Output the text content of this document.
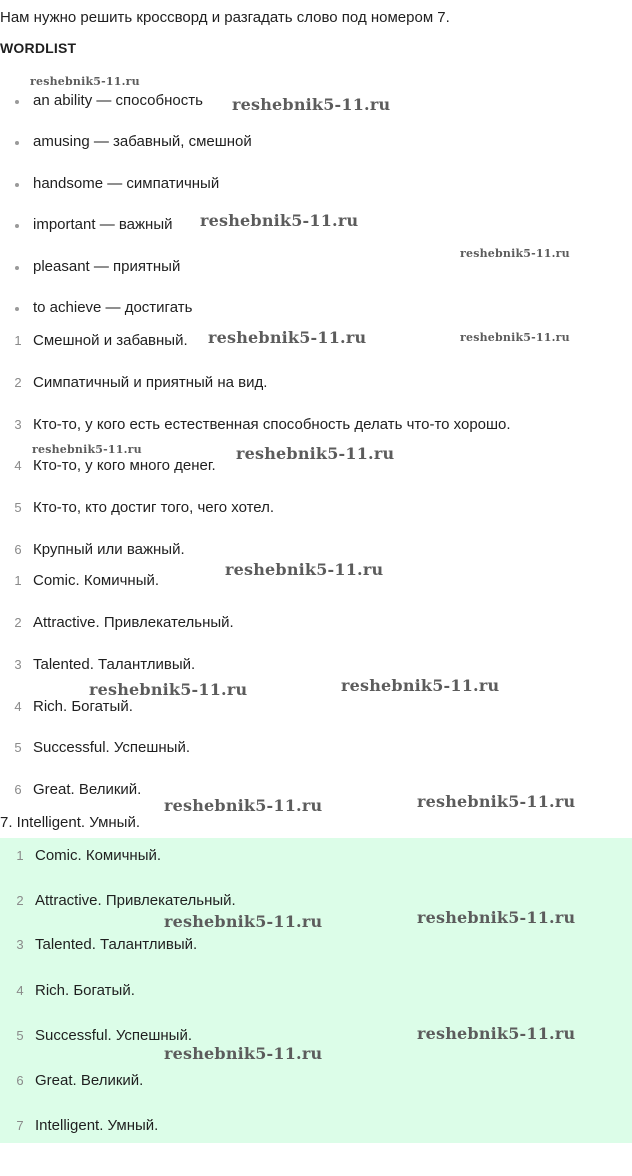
Нам нужно решить кроссворд и разгадать слово под номером 7.
WORDLIST
an ability — способность
amusing — забавный, смешной
handsome — симпатичный
important — важный
pleasant — приятный
to achieve — достигать
1 Смешной и забавный.
2 Симпатичный и приятный на вид.
3 Кто-то, у кого есть естественная способность делать что-то хорошо.
4 Кто-то, у кого много денег.
5 Кто-то, кто достиг того, чего хотел.
6 Крупный или важный.
1 Comic. Комичный.
2 Attractive. Привлекательный.
3 Talented. Талантливый.
4 Rich. Богатый.
5 Successful. Успешный.
6 Great. Великий.
7. Intelligent. Умный.
1 Comic. Комичный.
2 Attractive. Привлекательный.
3 Talented. Талантливый.
4 Rich. Богатый.
5 Successful. Успешный.
6 Great. Великий.
7 Intelligent. Умный.
reshebnik5-11.ru
reshebnik5-11.ru
reshebnik5-11.ru
reshebnik5-11.ru
reshebnik5-11.ru	reshebnik5-11.ru
reshebnik5-11.ru	reshebnik5-11.ru
reshebnik5-11.ru
reshebnik5-11.ru	reshebnik5-11.ru
reshebnik5-11.ru	reshebnik5-11.ru
reshebnik5-11.ru	reshebnik5-11.ru
reshebnik5-11.ru
reshebnik5-11.ru
